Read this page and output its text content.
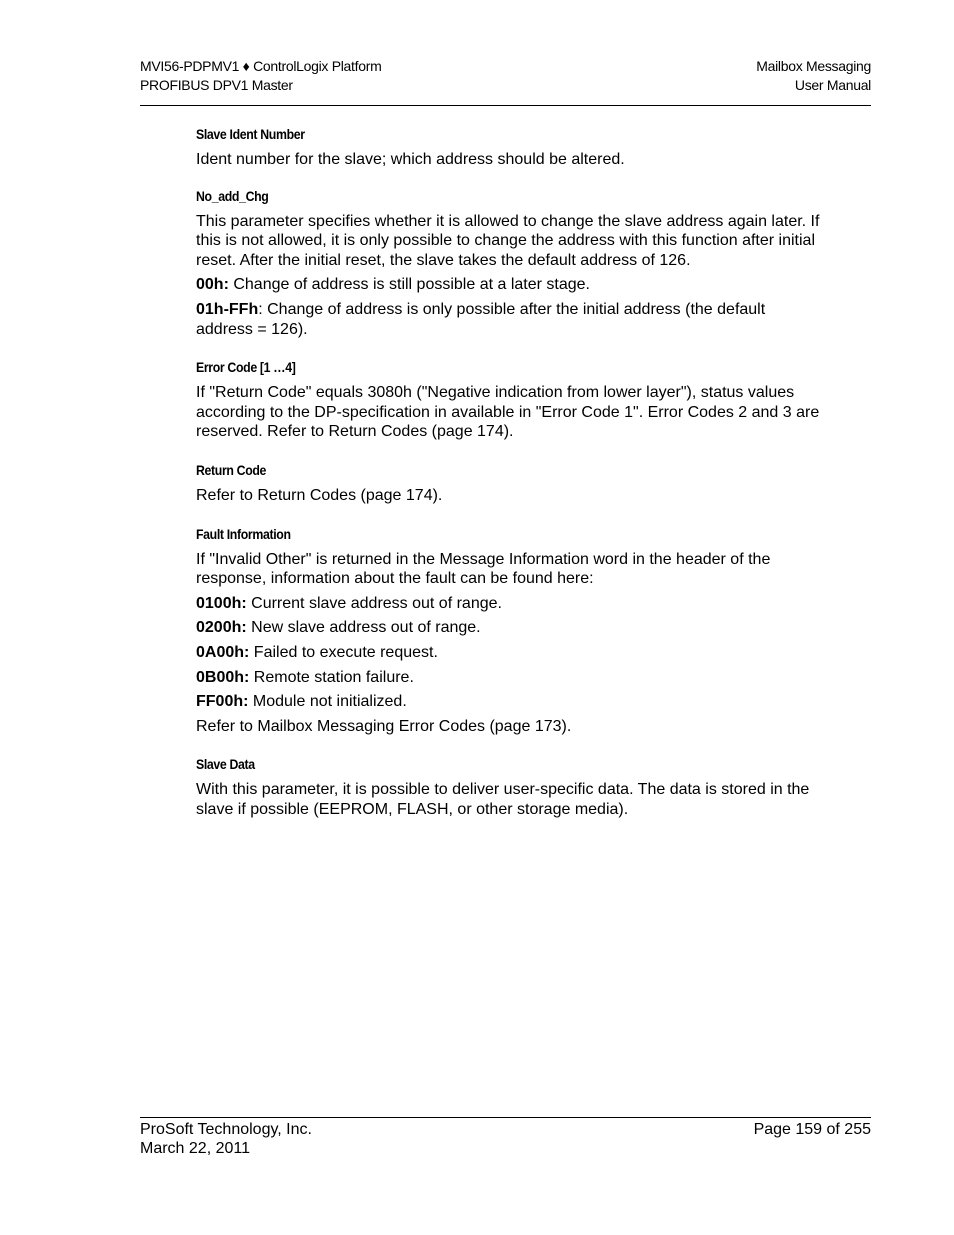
MVI56-PDPMV1 ♦ ControlLogix Platform
PROFIBUS DPV1 Master
Mailbox Messaging
User Manual
Slave Ident Number

Ident number for the slave; which address should be altered.

No_add_Chg

This parameter specifies whether it is allowed to change the slave address again later. If this is not allowed, it is only possible to change the address with this function after initial reset. After the initial reset, the slave takes the default address of 126.

00h: Change of address is still possible at a later stage.

01h-FFh: Change of address is only possible after the initial address (the default address = 126).

Error Code [1 …4]

If "Return Code" equals 3080h ("Negative indication from lower layer"), status values according to the DP-specification in available in "Error Code 1". Error Codes 2 and 3 are reserved. Refer to Return Codes (page 174).

Return Code

Refer to Return Codes (page 174).

Fault Information

If "Invalid Other" is returned in the Message Information word in the header of the response, information about the fault can be found here:

0100h: Current slave address out of range.

0200h: New slave address out of range.

0A00h: Failed to execute request.

0B00h: Remote station failure.

FF00h: Module not initialized.

Refer to Mailbox Messaging Error Codes (page 173).

Slave Data

With this parameter, it is possible to deliver user-specific data. The data is stored in the slave if possible (EEPROM, FLASH, or other storage media).

ProSoft Technology, Inc.
March 22, 2011
Page 159 of 255
